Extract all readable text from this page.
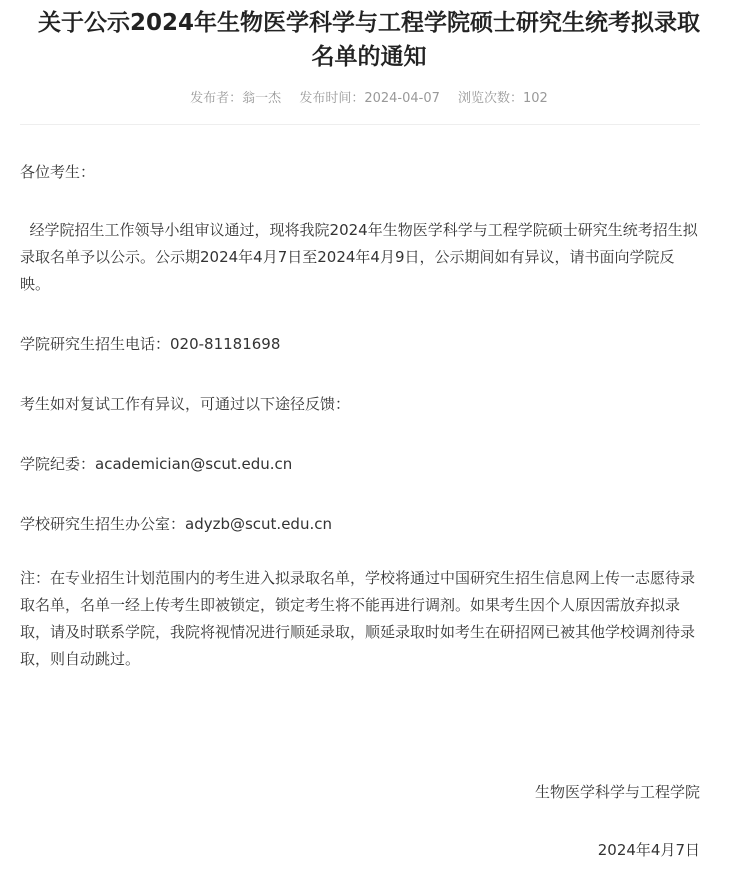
关于公示2024年生物医学科学与工程学院硕士研究生统考拟录取
名单的通知
发布者：翁一杰 发布时间：2024-04-07 浏览次数：102

各位考生：

经学院招生工作领导小组审议通过，现将我院2024年生物医学科学与工程学院硕士研究生统考招生拟录取名单予以公示。公示期2024年4月7日至2024年4月9日，公示期间如有异议，请书面向学院反映。

学院研究生招生电话：020-81181698

考生如对复试工作有异议，可通过以下途径反馈：

学院纪委：academician@scut.edu.cn

学校研究生招生办公室：adyzb@scut.edu.cn

注：在专业招生计划范围内的考生进入拟录取名单，学校将通过中国研究生招生信息网上传一志愿待录取名单，名单一经上传考生即被锁定，锁定考生将不能再进行调剂。如果考生因个人原因需放弃拟录取，请及时联系学院，我院将视情况进行顺延录取，顺延录取时如考生在研招网已被其他学校调剂待录取，则自动跳过。

生物医学科学与工程学院

2024年4月7日
